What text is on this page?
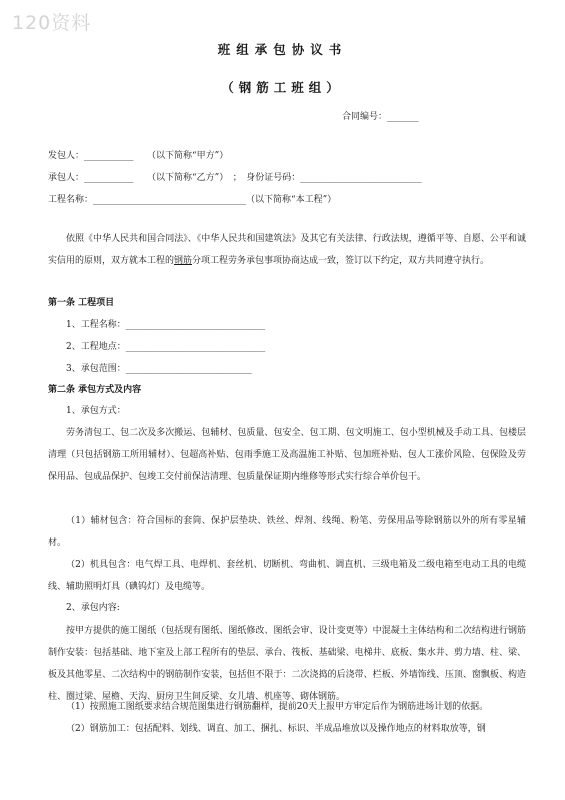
120资料
班组承包协议书
（钢筋工班组）
合同编号：_______
发包人：___________　　（以下简称“甲方”）
承包人：___________　　（以下简称“乙方”）　；　身份证号码：___________________________
工程名称：__________________________________（以下简称“本工程”）
依照《中华人民共和国合同法》、《中华人民共和国建筑法》及其它有关法律、行政法规，遵循平等、自愿、公平和诚实信用的原则，双方就本工程的钢筋分项工程劳务承包事项协商达成一致，签订以下约定，双方共同遵守执行。
第一条 工程项目
1、工程名称：_______________________________
2、工程地点：_______________________________
3、承包范围：____________________________
第二条 承包方式及内容
1、承包方式：
劳务清包工、包二次及多次搬运、包辅材、包质量、包安全、包工期、包文明施工、包小型机械及手动工具、包楼层清理（只包括钢筋工所用辅材）、包超高补贴、包雨季施工及高温施工补贴、包加班补贴、包人工涨价风险、包保险及劳保用品、包成品保护、包竣工交付前保洁清理、包质量保证期内维修等形式实行综合单价包干。
（1）辅材包含：符合国标的套筒、保护层垫块、铁丝、焊剂、线绳、粉笔、劳保用品等除钢筋以外的所有零星辅材。
（2）机具包含：电气焊工具、电焊机、套丝机、切断机、弯曲机、调直机、三级电箱及二级电箱至电动工具的电缆线、辅助照明灯具（碘钨灯）及电缆等。
2、承包内容:
按甲方提供的施工图纸（包括现有图纸、图纸修改、图纸会审、设计变更等）中混凝土主体结构和二次结构进行钢筋制作安装：包括基础、地下室及上部工程所有的垫层、承台、筏板、基础梁、电梯井、底板、集水井、剪力墙、柱、梁、板及其他零星、二次结构中的钢筋制作安装，包括但不限于：二次浇捣的后浇带、栏板、外墙饰线、压顶、窗飘板、构造柱、圈过梁、屋檐、天沟、厨房卫生间反梁、女儿墙、机座等、砌体钢筋。
（1）按照施工图纸要求结合规范图集进行钢筋翻样，提前20天上报甲方审定后作为钢筋进场计划的依据。
（2）钢筋加工：包括配料、划线、调直、加工、捆扎、标识、半成品堆放以及操作地点的材料取放等，钢
